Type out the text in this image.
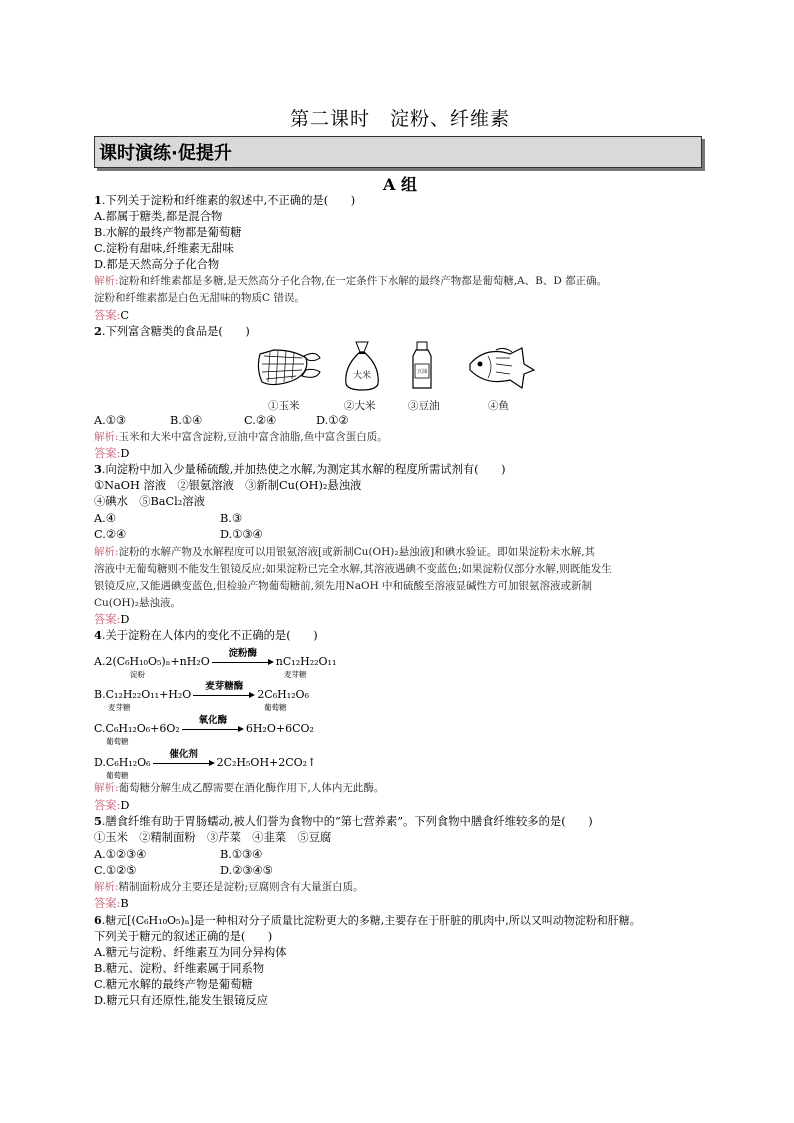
第二课时　淀粉、纤维素
课时演练·促提升
A 组
1.下列关于淀粉和纤维素的叙述中,不正确的是(　　)
A.都属于糖类,都是混合物
B.水解的最终产物都是葡萄糖
C.淀粉有甜味,纤维素无甜味
D.都是天然高分子化合物
解析:淀粉和纤维素都是多糖,是天然高分子化合物,在一定条件下水解的最终产物都是葡萄糖,A、B、D 都正确。
淀粉和纤维素都是白色无甜味的物质C 错误。
答案:C
2.下列富含糖类的食品是(　　)
大米	豆油
①玉米	②大米	③豆油	④鱼
A.①③	B.①④	C.②④	D.①②
解析:玉米和大米中富含淀粉,豆油中富含油脂,鱼中富含蛋白质。
答案:D
3.向淀粉中加入少量稀硫酸,并加热使之水解,为测定其水解的程度所需试剂有(　　)
①NaOH 溶液　②银氨溶液　③新制Cu(OH)₂悬浊液
④碘水　⑤BaCl₂溶液
A.④	B.③
C.②④	D.①③④
解析:淀粉的水解产物及水解程度可以用银氨溶液[或新制Cu(OH)₂悬浊液]和碘水验证。即如果淀粉未水解,其
溶液中无葡萄糖则不能发生银镜反应;如果淀粉已完全水解,其溶液遇碘不变蓝色;如果淀粉仅部分水解,则既能发生
银镜反应,又能遇碘变蓝色,但检验产物葡萄糖前,须先用NaOH 中和硫酸至溶液显碱性方可加银氨溶液或新制
Cu(OH)₂悬浊液。
答案:D
4.关于淀粉在人体内的变化不正确的是(　　)
A.2(C₆H₁₀O₅)ₙ+nH₂O
淀粉酶
nC₁₂H₂₂O₁₁
淀粉	麦芽糖
B.C₁₂H₂₂O₁₁+H₂O
麦芽糖酶
2C₆H₁₂O₆
麦芽糖	葡萄糖
C.C₆H₁₂O₆+6O₂
氧化酶
6H₂O+6CO₂
葡萄糖
D.C₆H₁₂O₆
催化剂
2C₂H₅OH+2CO₂↑
葡萄糖
解析:葡萄糖分解生成乙醇需要在酒化酶作用下,人体内无此酶。
答案:D
5.膳食纤维有助于胃肠蠕动,被人们誉为食物中的“第七营养素”。下列食物中膳食纤维较多的是(　　)
①玉米　②精制面粉　③芹菜　④韭菜　⑤豆腐
A.①②③④	B.①③④
C.①②⑤	D.②③④⑤
解析:精制面粉成分主要还是淀粉;豆腐则含有大量蛋白质。
答案:B
6.糖元[(C₆H₁₀O₅)ₙ]是一种相对分子质量比淀粉更大的多糖,主要存在于肝脏的肌肉中,所以又叫动物淀粉和肝糖。
下列关于糖元的叙述正确的是(　　)
A.糖元与淀粉、纤维素互为同分异构体
B.糖元、淀粉、纤维素属于同系物
C.糖元水解的最终产物是葡萄糖
D.糖元只有还原性,能发生银镜反应
